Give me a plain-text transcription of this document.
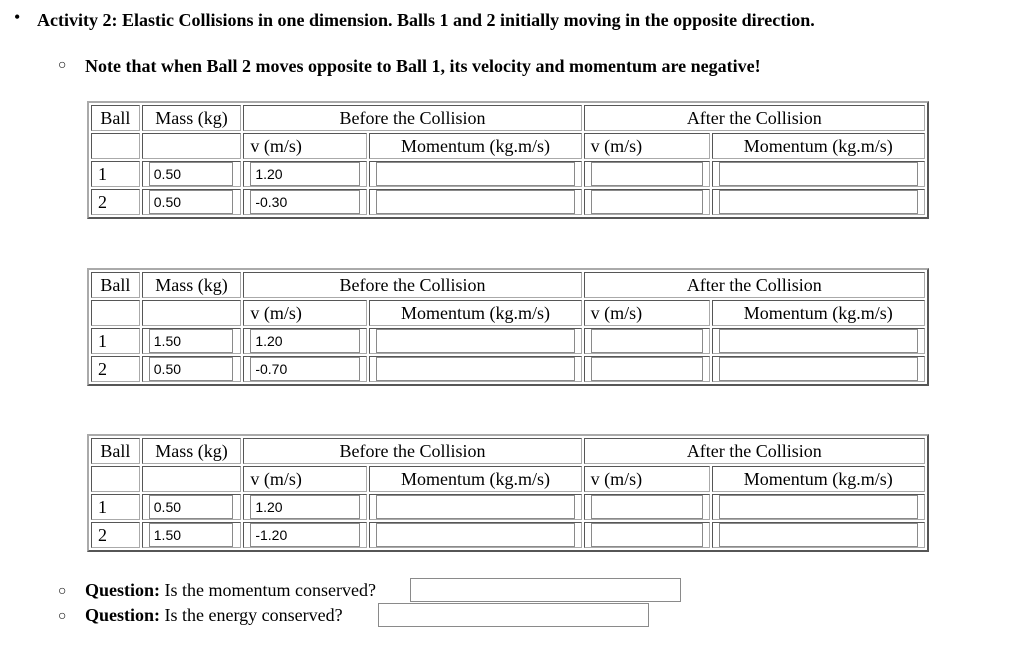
• Activity 2: Elastic Collisions in one dimension. Balls 1 and 2 initially moving in the opposite direction.
○ Note that when Ball 2 moves opposite to Ball 1, its velocity and momentum are negative!
Ball	Mass (kg)	Before the Collision		After the Collision	
		v (m/s)	Momentum (kg.m/s)	v (m/s)	Momentum (kg.m/s)
1	0.50	1.20			
2	0.50	-0.30			
Ball	Mass (kg)	Before the Collision		After the Collision	
		v (m/s)	Momentum (kg.m/s)	v (m/s)	Momentum (kg.m/s)
1	1.50	1.20			
2	0.50	-0.70			
Ball	Mass (kg)	Before the Collision		After the Collision	
		v (m/s)	Momentum (kg.m/s)	v (m/s)	Momentum (kg.m/s)
1	0.50	1.20			
2	1.50	-1.20			
○ Question: Is the momentum conserved?
○ Question: Is the energy conserved?
